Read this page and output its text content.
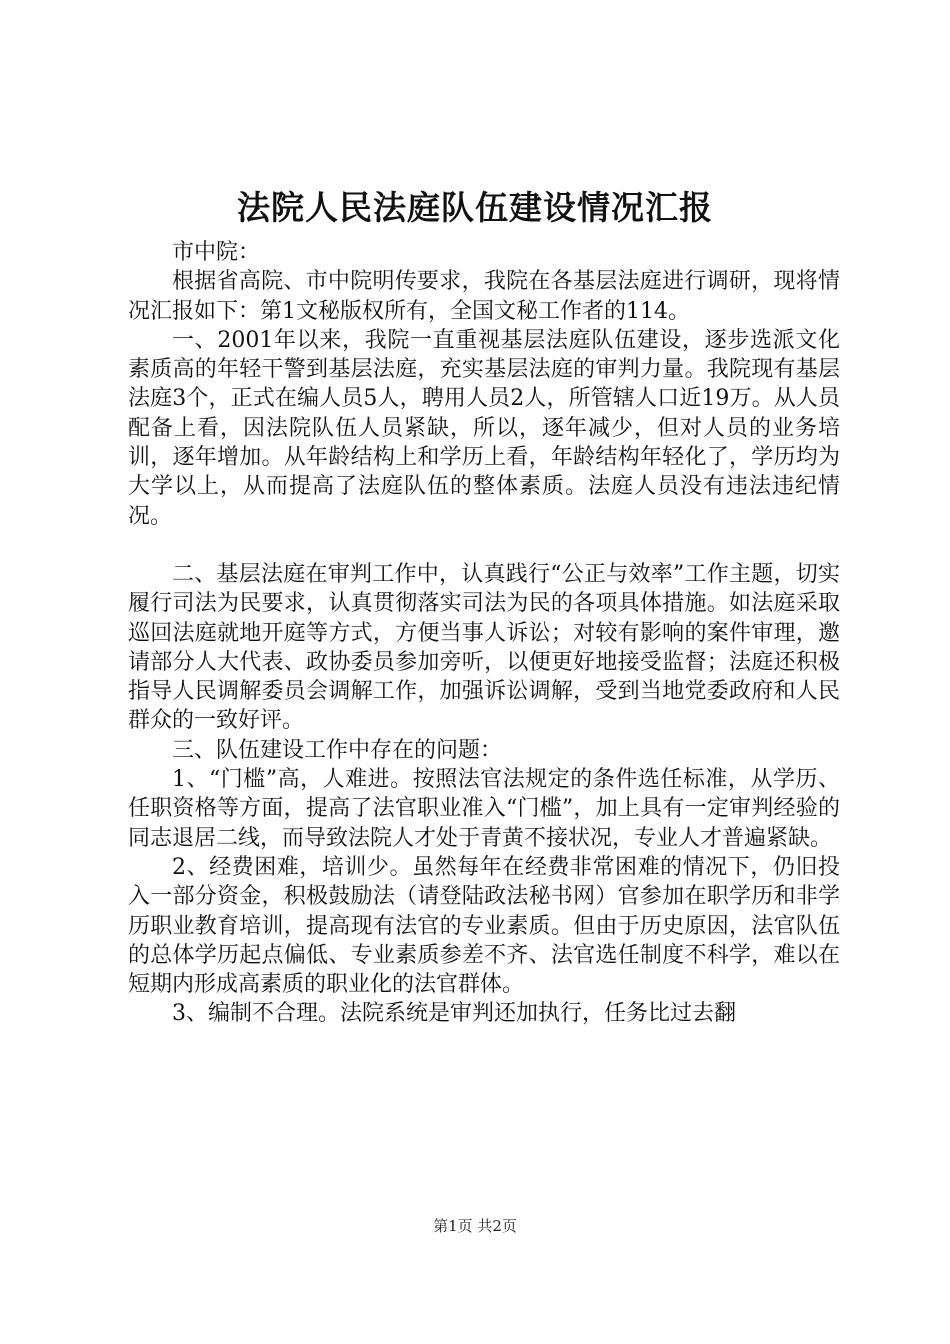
法院人民法庭队伍建设情况汇报

市中院：

根据省高院、市中院明传要求，我院在各基层法庭进行调研，现将情况汇报如下：第1文秘版权所有，全国文秘工作者的114。

一、2001年以来，我院一直重视基层法庭队伍建设，逐步选派文化素质高的年轻干警到基层法庭，充实基层法庭的审判力量。我院现有基层法庭3个，正式在编人员5人，聘用人员2人，所管辖人口近19万。从人员配备上看，因法院队伍人员紧缺，所以，逐年减少，但对人员的业务培训，逐年增加。从年龄结构上和学历上看，年龄结构年轻化了，学历均为大学以上，从而提高了法庭队伍的整体素质。法庭人员没有违法违纪情况。

二、基层法庭在审判工作中，认真践行“公正与效率”工作主题，切实履行司法为民要求，认真贯彻落实司法为民的各项具体措施。如法庭采取巡回法庭就地开庭等方式，方便当事人诉讼；对较有影响的案件审理，邀请部分人大代表、政协委员参加旁听，以便更好地接受监督；法庭还积极指导人民调解委员会调解工作，加强诉讼调解，受到当地党委政府和人民群众的一致好评。

三、队伍建设工作中存在的问题：

1、“门槛”高，人难进。按照法官法规定的条件选任标准，从学历、任职资格等方面，提高了法官职业准入“门槛”，加上具有一定审判经验的同志退居二线，而导致法院人才处于青黄不接状况，专业人才普遍紧缺。

2、经费困难，培训少。虽然每年在经费非常困难的情况下，仍旧投入一部分资金，积极鼓励法（请登陆政法秘书网）官参加在职学历和非学历职业教育培训，提高现有法官的专业素质。但由于历史原因，法官队伍的总体学历起点偏低、专业素质参差不齐、法官选任制度不科学，难以在短期内形成高素质的职业化的法官群体。

3、编制不合理。法院系统是审判还加执行，任务比过去翻

第1页 共2页
